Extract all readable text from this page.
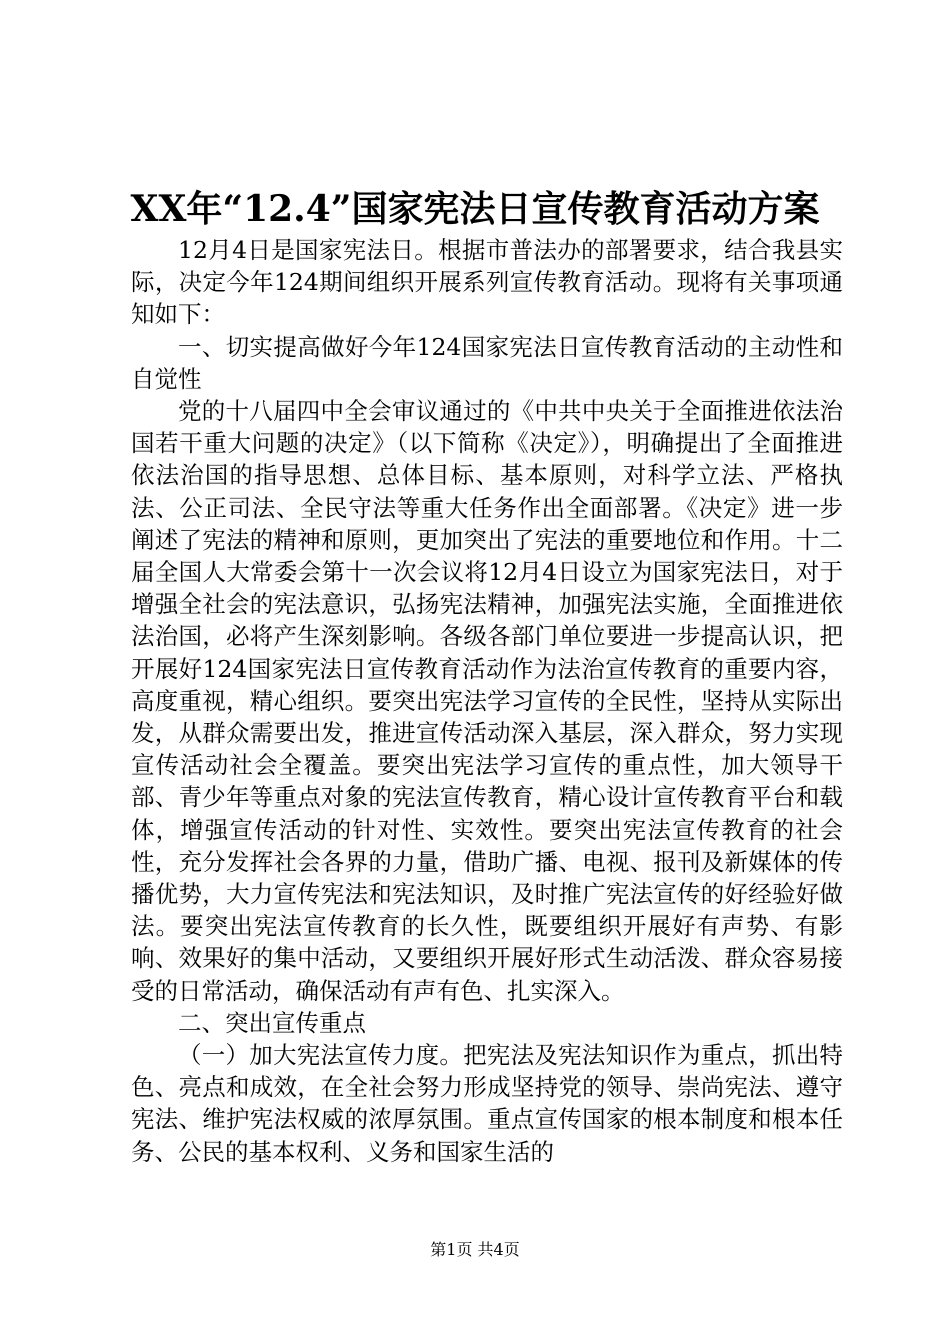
XX年“12.4”国家宪法日宣传教育活动方案

12月4日是国家宪法日。根据市普法办的部署要求，结合我县实际，决定今年124期间组织开展系列宣传教育活动。现将有关事项通知如下：

一、切实提高做好今年124国家宪法日宣传教育活动的主动性和自觉性

党的十八届四中全会审议通过的《中共中央关于全面推进依法治国若干重大问题的决定》（以下简称《决定》），明确提出了全面推进依法治国的指导思想、总体目标、基本原则，对科学立法、严格执法、公正司法、全民守法等重大任务作出全面部署。《决定》进一步阐述了宪法的精神和原则，更加突出了宪法的重要地位和作用。十二届全国人大常委会第十一次会议将12月4日设立为国家宪法日，对于增强全社会的宪法意识，弘扬宪法精神，加强宪法实施，全面推进依法治国，必将产生深刻影响。各级各部门单位要进一步提高认识，把开展好124国家宪法日宣传教育活动作为法治宣传教育的重要内容，高度重视，精心组织。要突出宪法学习宣传的全民性，坚持从实际出发，从群众需要出发，推进宣传活动深入基层，深入群众，努力实现宣传活动社会全覆盖。要突出宪法学习宣传的重点性，加大领导干部、青少年等重点对象的宪法宣传教育，精心设计宣传教育平台和载体，增强宣传活动的针对性、实效性。要突出宪法宣传教育的社会性，充分发挥社会各界的力量，借助广播、电视、报刊及新媒体的传播优势，大力宣传宪法和宪法知识，及时推广宪法宣传的好经验好做法。要突出宪法宣传教育的长久性，既要组织开展好有声势、有影响、效果好的集中活动，又要组织开展好形式生动活泼、群众容易接受的日常活动，确保活动有声有色、扎实深入。

二、突出宣传重点

（一）加大宪法宣传力度。把宪法及宪法知识作为重点，抓出特色、亮点和成效，在全社会努力形成坚持党的领导、崇尚宪法、遵守宪法、维护宪法权威的浓厚氛围。重点宣传国家的根本制度和根本任务、公民的基本权利、义务和国家生活的

第1页 共4页
